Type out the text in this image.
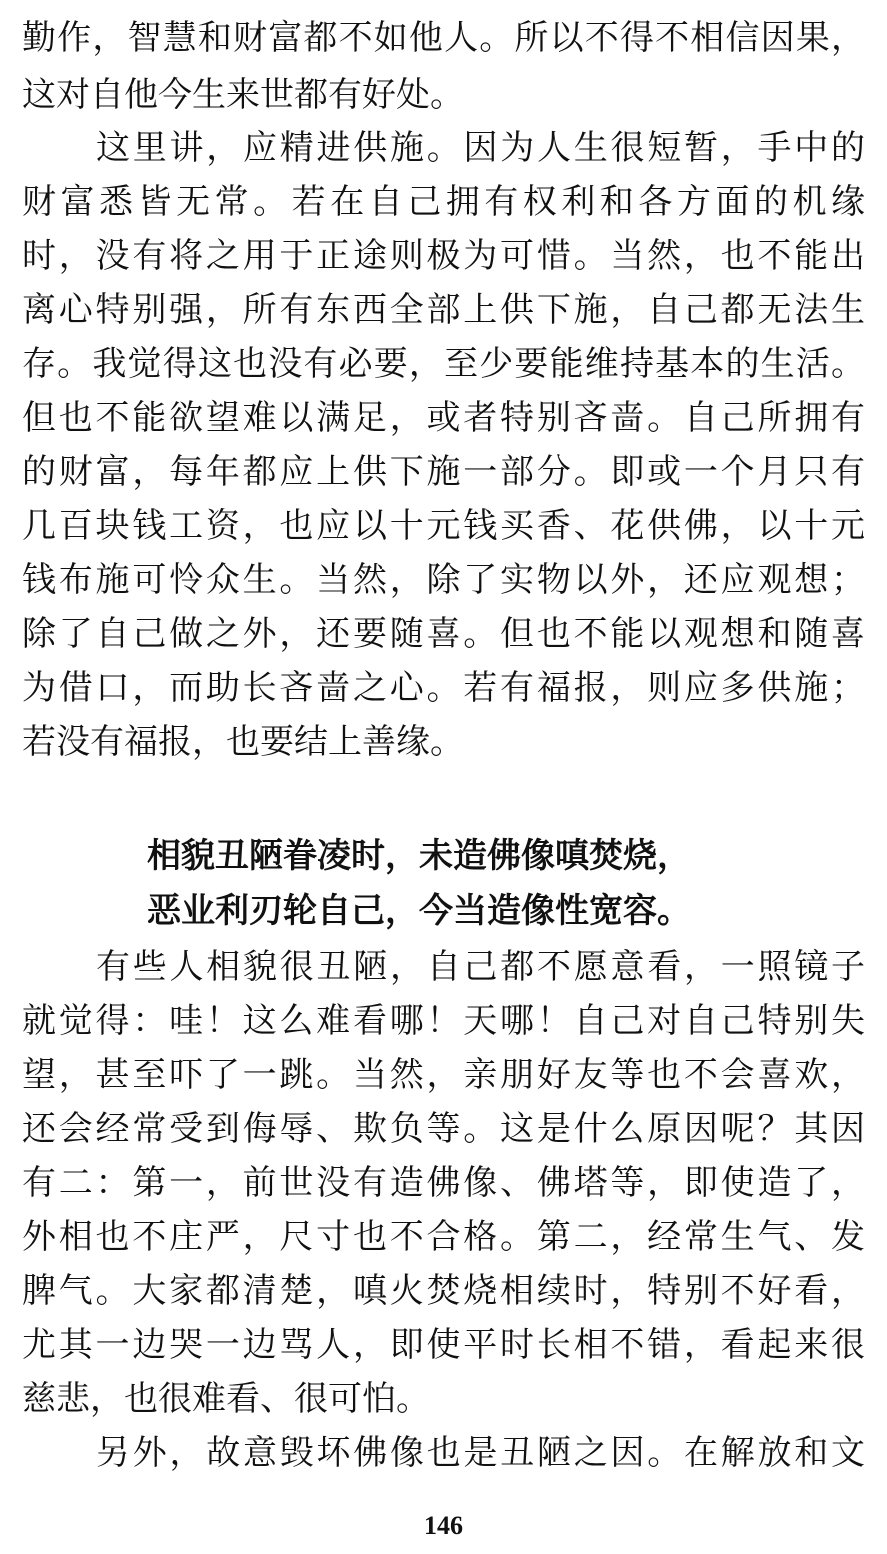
勤作，智慧和财富都不如他人。所以不得不相信因果，
这对自他今生来世都有好处。
这里讲，应精进供施。因为人生很短暂，手中的
财富悉皆无常。若在自己拥有权利和各方面的机缘
时，没有将之用于正途则极为可惜。当然，也不能出
离心特别强，所有东西全部上供下施，自己都无法生
存。我觉得这也没有必要，至少要能维持基本的生活。
但也不能欲望难以满足，或者特别吝啬。自己所拥有
的财富，每年都应上供下施一部分。即或一个月只有
几百块钱工资，也应以十元钱买香、花供佛，以十元
钱布施可怜众生。当然，除了实物以外，还应观想；
除了自己做之外，还要随喜。但也不能以观想和随喜
为借口，而助长吝啬之心。若有福报，则应多供施；
若没有福报，也要结上善缘。
相貌丑陋眷凌时，未造佛像嗔焚烧，
恶业利刃轮自己，今当造像性宽容。
有些人相貌很丑陋，自己都不愿意看，一照镜子
就觉得：哇！这么难看哪！天哪！自己对自己特别失
望，甚至吓了一跳。当然，亲朋好友等也不会喜欢，
还会经常受到侮辱、欺负等。这是什么原因呢？其因
有二：第一，前世没有造佛像、佛塔等，即使造了，
外相也不庄严，尺寸也不合格。第二，经常生气、发
脾气。大家都清楚，嗔火焚烧相续时，特别不好看，
尤其一边哭一边骂人，即使平时长相不错，看起来很
慈悲，也很难看、很可怕。
另外，故意毁坏佛像也是丑陋之因。在解放和文
146
